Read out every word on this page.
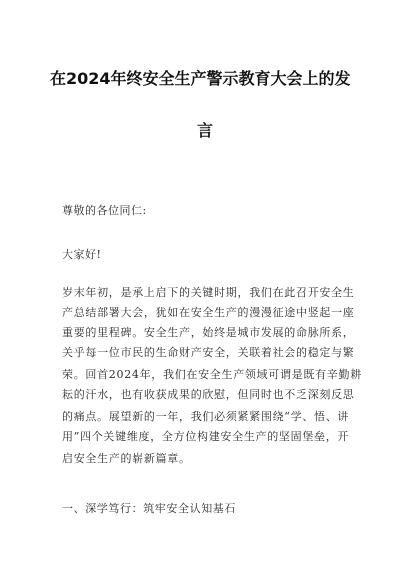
在2024年终安全生产警示教育大会上的发
言
尊敬的各位同仁:
大家好!
岁末年初，是承上启下的关键时期，我们在此召开安全生
产总结部署大会，犹如在安全生产的漫漫征途中竖起一座
重要的里程碑。安全生产，始终是城市发展的命脉所系，
关乎每一位市民的生命财产安全，关联着社会的稳定与繁
荣。回首2024年，我们在安全生产领域可谓是既有辛勤耕
耘的汗水，也有收获成果的欣慰，但同时也不乏深刻反思
的痛点。展望新的一年，我们必须紧紧围绕“学、悟、讲
用”四个关键维度，全方位构建安全生产的坚固堡垒，开
启安全生产的崭新篇章。
一、深学笃行：筑牢安全认知基石
